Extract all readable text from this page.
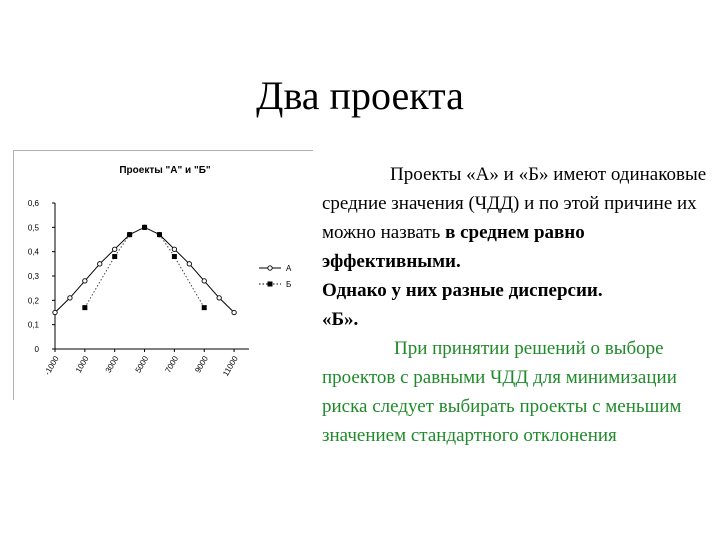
Два проекта
Проекты "А" и "Б"
0
0,1
0,2
0,3
0,4
0,5
0,6
-1000 1000 3000 5000 7000 9000 11000
А
Б

Проекты «А» и «Б» имеют одинаковые средние значения (ЧДД) и по этой причине их можно назвать в среднем равно эффективными.

Однако у них разные дисперсии.

«Б».

При принятии решений о выборе проектов с равными ЧДД для минимизации риска следует выбирать проекты с меньшим значением стандартного отклонения
